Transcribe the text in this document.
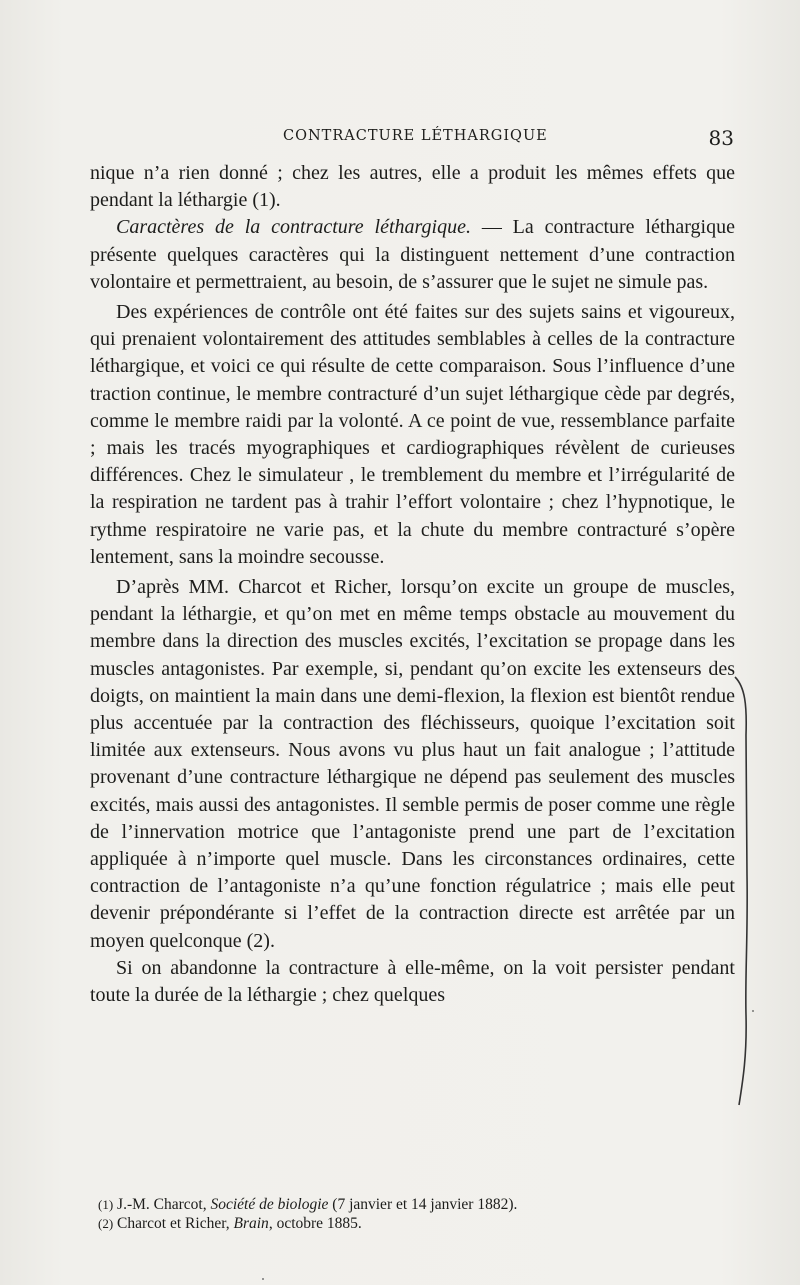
CONTRACTURE LÉTHARGIQUE	83

nique n’a rien donné ; chez les autres, elle a produit les mêmes effets que pendant la léthargie (1).

Caractères de la contracture léthargique. — La contracture léthargique présente quelques caractères qui la distinguent nettement d’une contraction volontaire et permettraient, au besoin, de s’assurer que le sujet ne simule pas.

Des expériences de contrôle ont été faites sur des sujets sains et vigoureux, qui prenaient volontairement des attitudes semblables à celles de la contracture léthargique, et voici ce qui résulte de cette comparaison. Sous l’influence d’une traction continue, le membre contracturé d’un sujet léthargique cède par degrés, comme le membre raidi par la volonté. A ce point de vue, ressemblance parfaite ; mais les tracés myographiques et cardiographiques révèlent de curieuses différences. Chez le simulateur , le tremblement du membre et l’irrégularité de la respiration ne tardent pas à trahir l’effort volontaire ; chez l’hypnotique, le rythme respiratoire ne varie pas, et la chute du membre contracturé s’opère lentement, sans la moindre secousse.

D’après MM. Charcot et Richer, lorsqu’on excite un groupe de muscles, pendant la léthargie, et qu’on met en même temps obstacle au mouvement du membre dans la direction des muscles excités, l’excitation se propage dans les muscles antagonistes. Par exemple, si, pendant qu’on excite les extenseurs des doigts, on maintient la main dans une demi-flexion, la flexion est bientôt rendue plus accentuée par la contraction des fléchisseurs, quoique l’excitation soit limitée aux extenseurs. Nous avons vu plus haut un fait analogue ; l’attitude provenant d’une contracture léthargique ne dépend pas seulement des muscles excités, mais aussi des antagonistes. Il semble permis de poser comme une règle de l’innervation motrice que l’antagoniste prend une part de l’excitation appliquée à n’importe quel muscle. Dans les circonstances ordinaires, cette contraction de l’antagoniste n’a qu’une fonction régulatrice ; mais elle peut devenir prépondérante si l’effet de la contraction directe est arrêtée par un moyen quelconque (2).

Si on abandonne la contracture à elle-même, on la voit persister pendant toute la durée de la léthargie ; chez quelques

(1) J.-M. Charcot, Société de biologie (7 janvier et 14 janvier 1882).

(2) Charcot et Richer, Brain, octobre 1885.
